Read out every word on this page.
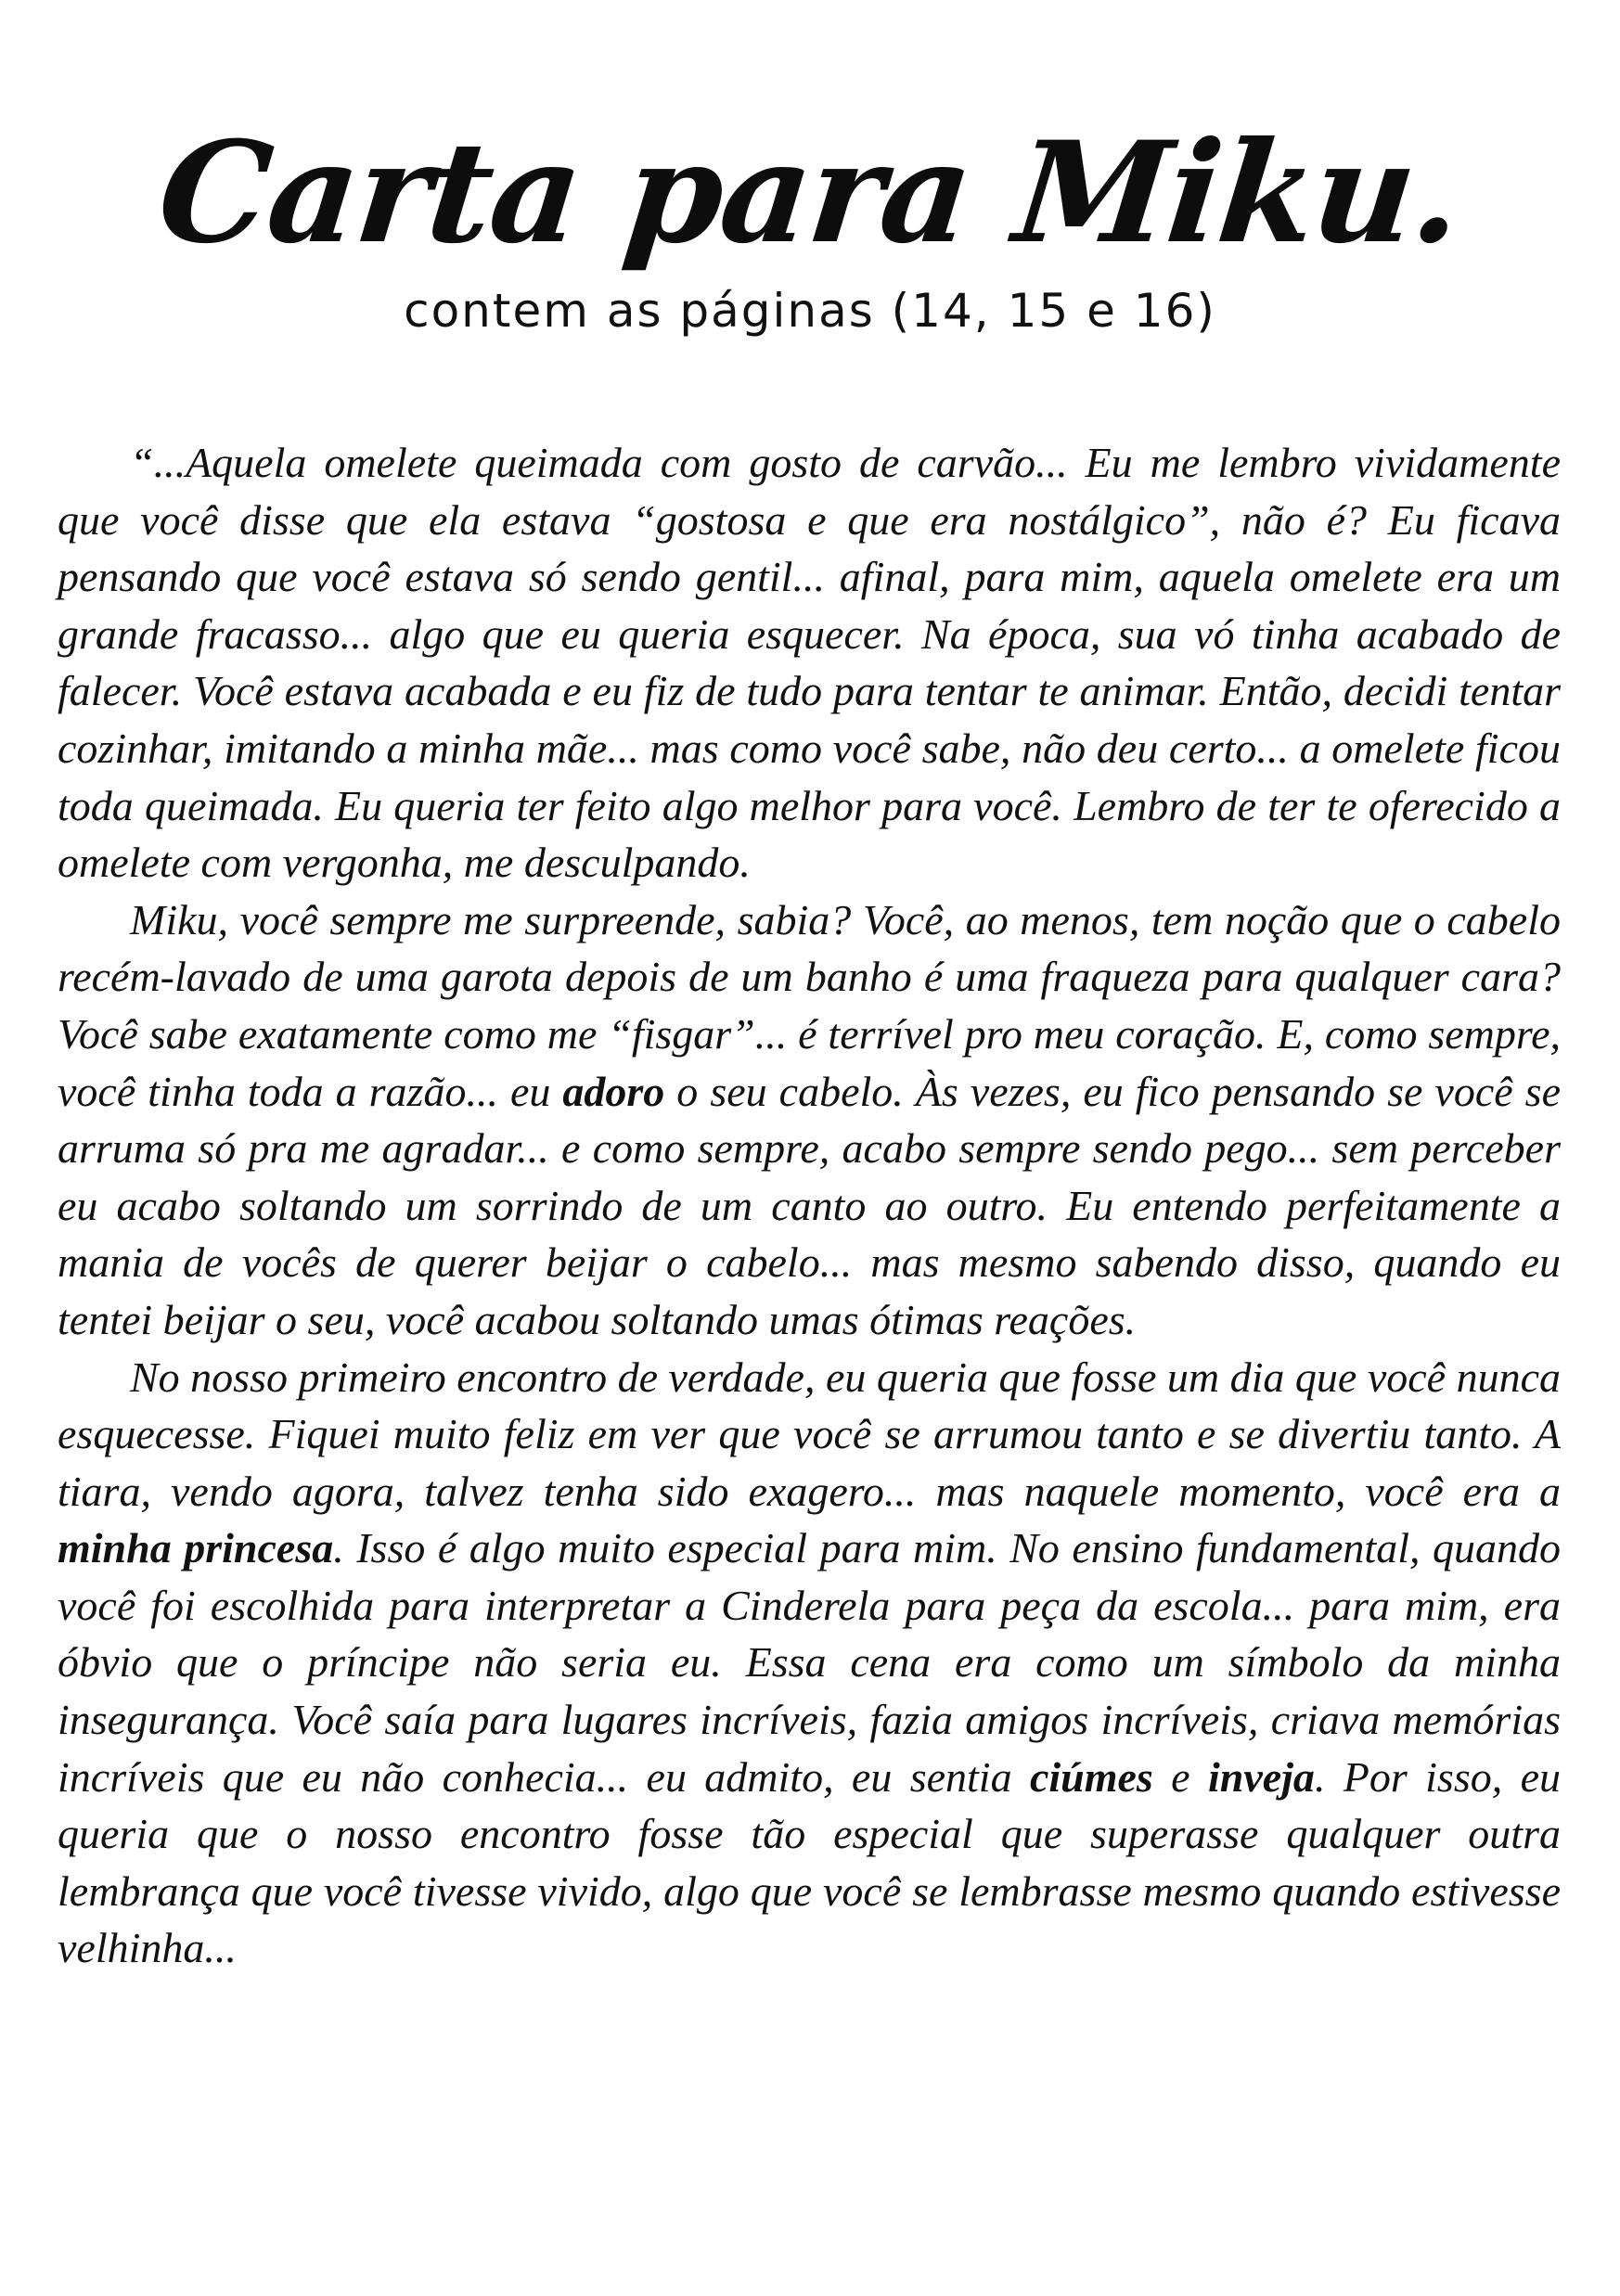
Carta para Miku.
contem as páginas (14, 15 e 16)

“...Aquela omelete queimada com gosto de carvão... Eu me lembro vividamente que você disse que ela estava “gostosa e que era nostálgico”, não é? Eu ficava pensando que você estava só sendo gentil... afinal, para mim, aquela omelete era um grande fracasso... algo que eu queria esquecer. Na época, sua vó tinha acabado de falecer. Você estava acabada e eu fiz de tudo para tentar te animar. Então, decidi tentar cozinhar, imitando a minha mãe... mas como você sabe, não deu certo... a omelete ficou toda queimada. Eu queria ter feito algo melhor para você. Lembro de ter te oferecido a omelete com vergonha, me desculpando.

Miku, você sempre me surpreende, sabia? Você, ao menos, tem noção que o cabelo recém-lavado de uma garota depois de um banho é uma fraqueza para qualquer cara? Você sabe exatamente como me “fisgar”... é terrível pro meu coração. E, como sempre, você tinha toda a razão... eu adoro o seu cabelo. Às vezes, eu fico pensando se você se arruma só pra me agradar... e como sempre, acabo sempre sendo pego... sem perceber eu acabo soltando um sorrindo de um canto ao outro. Eu entendo perfeitamente a mania de vocês de querer beijar o cabelo... mas mesmo sabendo disso, quando eu tentei beijar o seu, você acabou soltando umas ótimas reações.

No nosso primeiro encontro de verdade, eu queria que fosse um dia que você nunca esquecesse. Fiquei muito feliz em ver que você se arrumou tanto e se divertiu tanto. A tiara, vendo agora, talvez tenha sido exagero... mas naquele momento, você era a minha princesa. Isso é algo muito especial para mim. No ensino fundamental, quando você foi escolhida para interpretar a Cinderela para peça da escola... para mim, era óbvio que o príncipe não seria eu. Essa cena era como um símbolo da minha insegurança. Você saía para lugares incríveis, fazia amigos incríveis, criava memórias incríveis que eu não conhecia... eu admito, eu sentia ciúmes e inveja. Por isso, eu queria que o nosso encontro fosse tão especial que superasse qualquer outra lembrança que você tivesse vivido, algo que você se lembrasse mesmo quando estivesse velhinha...
